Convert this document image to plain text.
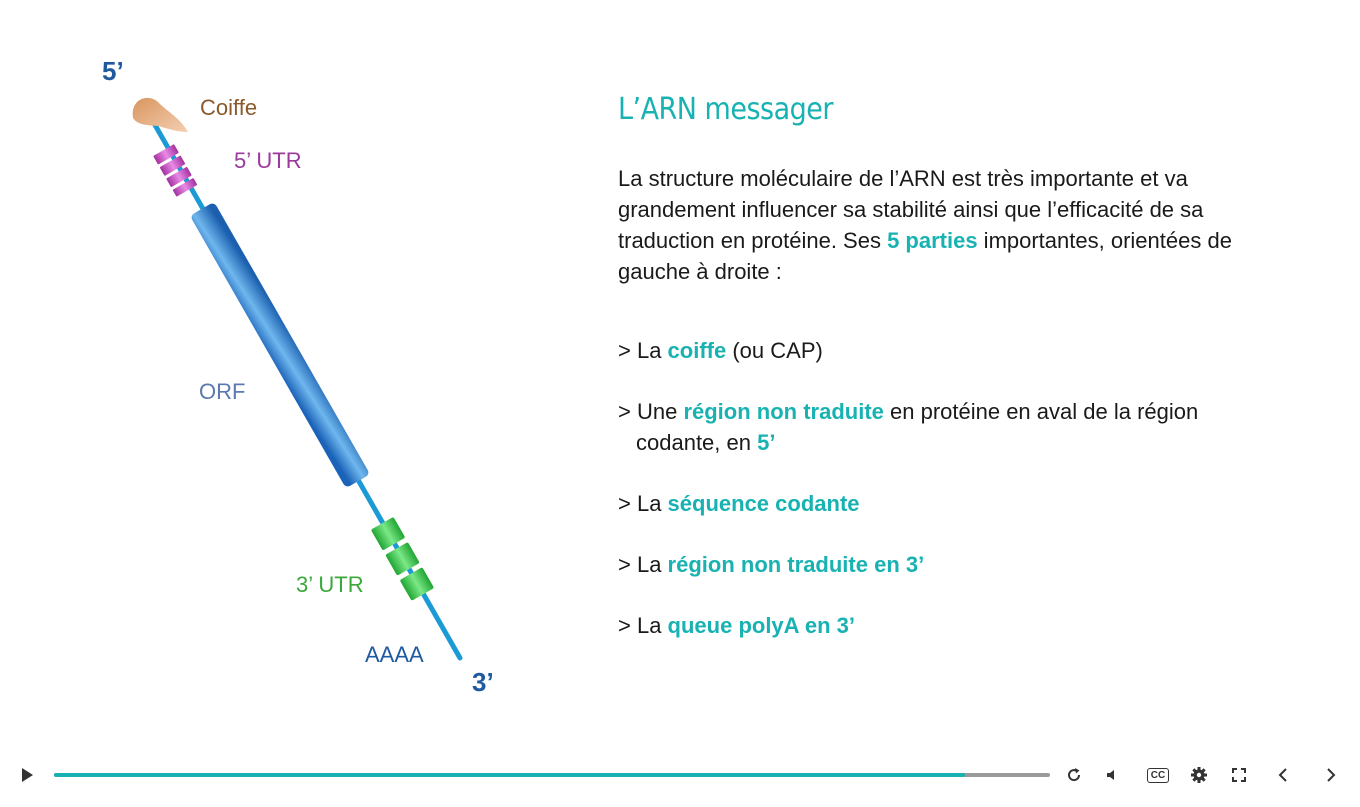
5’
Coiffe
5’ UTR
ORF
3’ UTR
AAAA
3’
L’ARN messager

La structure moléculaire de l’ARN est très importante et va grandement influencer sa stabilité ainsi que l’efficacité de sa traduction en protéine. Ses 5 parties importantes, orientées de gauche à droite :

> La coiffe (ou CAP)
> Une région non traduite en protéine en aval de la région codante, en 5’
> La séquence codante
> La région non traduite en 3’
> La queue polyA en 3’
CC
